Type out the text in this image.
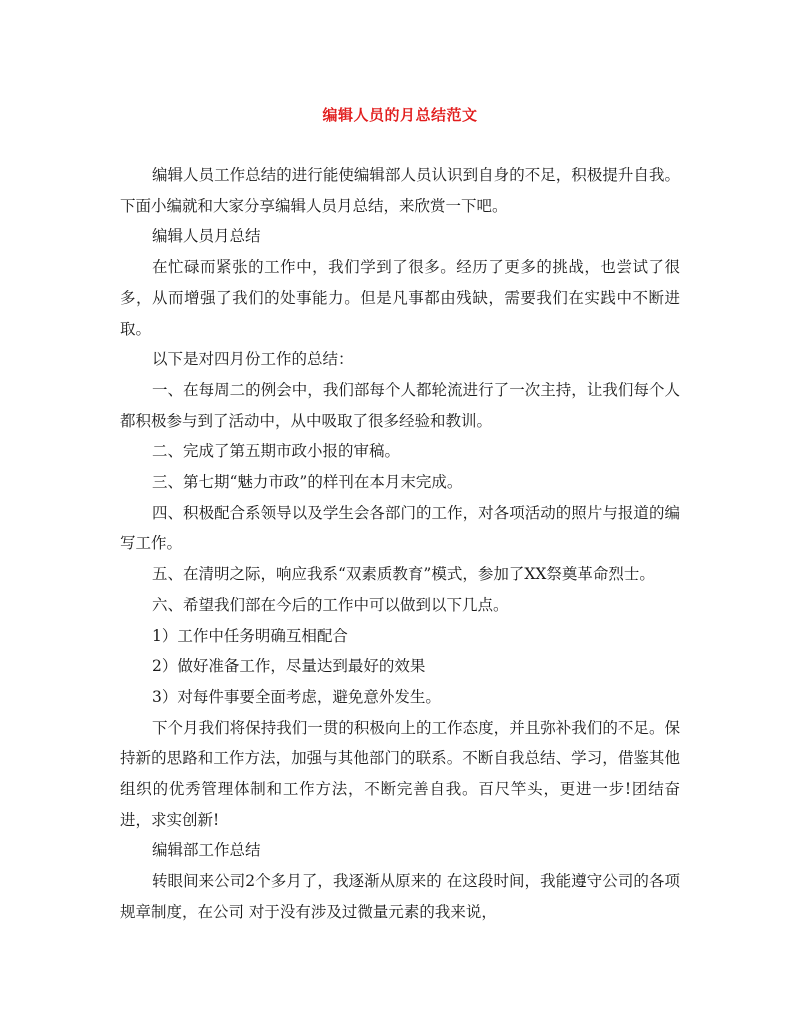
编辑人员的月总结范文

编辑人员工作总结的进行能使编辑部人员认识到自身的不足，积极提升自我。下面小编就和大家分享编辑人员月总结，来欣赏一下吧。

编辑人员月总结

在忙碌而紧张的工作中，我们学到了很多。经历了更多的挑战，也尝试了很多，从而增强了我们的处事能力。但是凡事都由残缺，需要我们在实践中不断进取。

以下是对四月份工作的总结：

一、在每周二的例会中，我们部每个人都轮流进行了一次主持，让我们每个人都积极参与到了活动中，从中吸取了很多经验和教训。

二、完成了第五期市政小报的审稿。

三、第七期“魅力市政”的样刊在本月末完成。

四、积极配合系领导以及学生会各部门的工作，对各项活动的照片与报道的编写工作。

五、在清明之际，响应我系“双素质教育”模式，参加了XX祭奠革命烈士。

六、希望我们部在今后的工作中可以做到以下几点。

1）工作中任务明确互相配合

2）做好准备工作，尽量达到最好的效果

3）对每件事要全面考虑，避免意外发生。

下个月我们将保持我们一贯的积极向上的工作态度，并且弥补我们的不足。保持新的思路和工作方法，加强与其他部门的联系。不断自我总结、学习，借鉴其他组织的优秀管理体制和工作方法，不断完善自我。百尺竿头，更进一步!团结奋进，求实创新!

编辑部工作总结

转眼间来公司2个多月了，我逐渐从原来的 在这段时间，我能遵守公司的各项规章制度，在公司 对于没有涉及过微量元素的我来说，
